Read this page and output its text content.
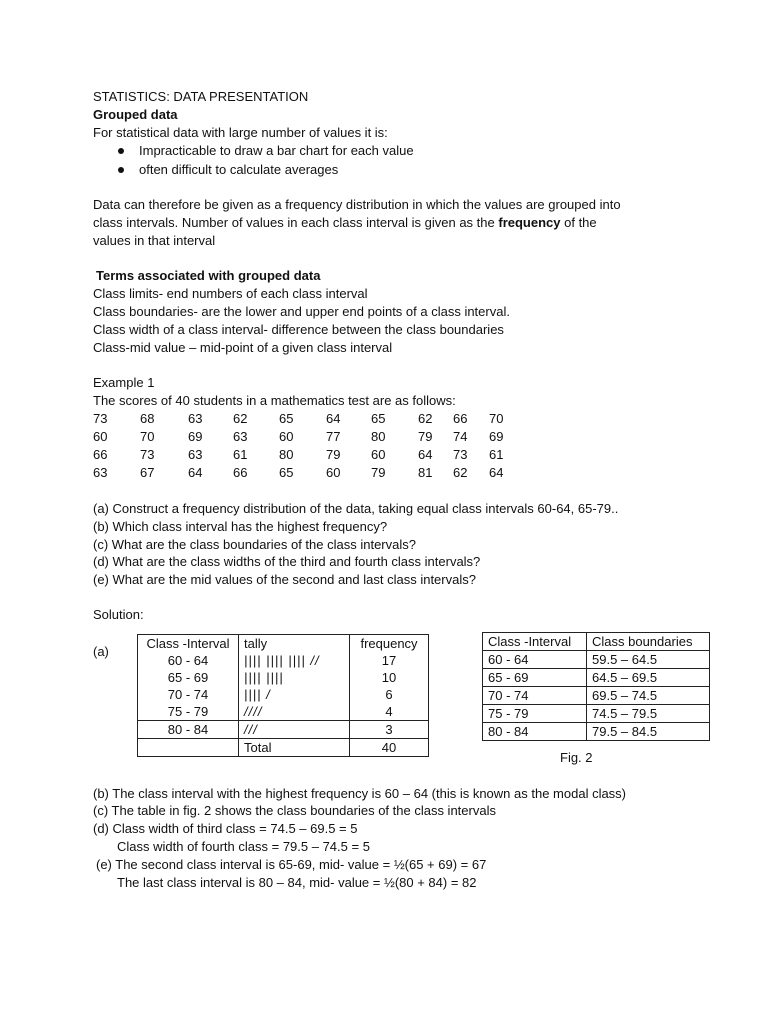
STATISTICS: DATA PRESENTATION
Grouped data
For statistical data with large number of values it is:
Impracticable to draw a bar chart for each value
often difficult to calculate averages
Data can therefore be given as a frequency distribution in which the values are grouped into
class intervals. Number of values in each class interval is given as the frequency of the
values in that interval
Terms associated with grouped data
Class limits- end numbers of each class interval
Class boundaries- are the lower and upper end points of a class interval.
Class width of a class interval- difference between the class boundaries
Class-mid value – mid-point of a given class interval
Example 1
The scores of 40 students in a mathematics test are as follows:
73	68	63 62 65	64 65	62 66 70
60	70	69 63 60	77 80	79 74 69
66	73	63 61 80	79 60	64 73 61
63	67	64 66 65	60 79	81 62 64
(a) Construct a frequency distribution of the data, taking equal class intervals 60-64, 65-79..
(b) Which class interval has the highest frequency?
(c) What are the class boundaries of the class intervals?
(d) What are the class widths of the third and fourth class intervals?
(e) What are the mid values of the second and last class intervals?
Solution:
(a)
Class -Interval	tally	frequency
60 - 64	|||| |||| |||| //	17
65 - 69	|||| ||||	10
70 - 74	|||| /	6
75 - 79	////	4
80 - 84	///	3
	Total	40
Class -Interval	Class boundaries
60 - 64	59.5 – 64.5
65 - 69	64.5 – 69.5
70 - 74	69.5 – 74.5
75 - 79	74.5 – 79.5
80 - 84	79.5 – 84.5
Fig. 2
(b) The class interval with the highest frequency is 60 – 64 (this is known as the modal class)
(c) The table in fig. 2 shows the class boundaries of the class intervals
(d) Class width of third class = 74.5 – 69.5 = 5
Class width of fourth class = 79.5 – 74.5 = 5
(e) The second class interval is 65-69, mid- value = ½(65 + 69) = 67
The last class interval is 80 – 84, mid- value = ½(80 + 84) = 82
